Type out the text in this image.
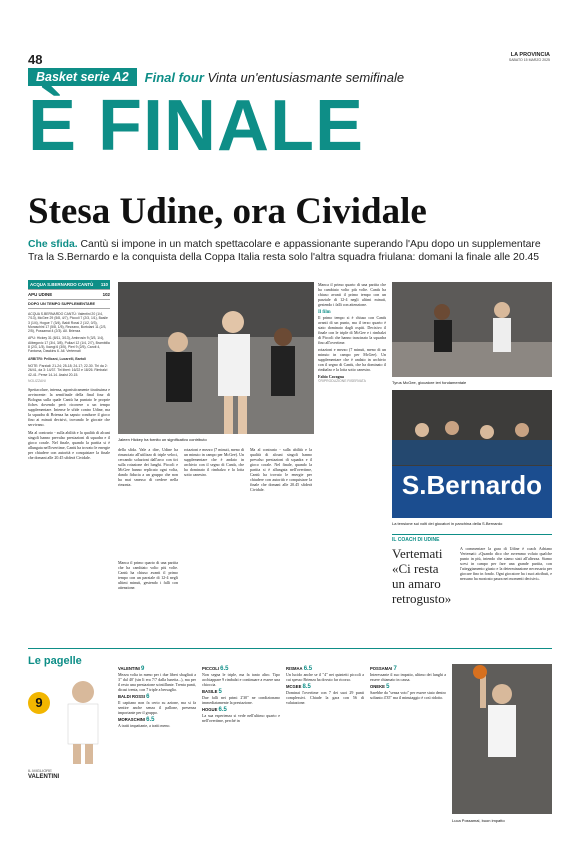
48	LA PROVINCIA
SABATO 15 MARZO 2025
Basket serie A2	Final four Vinta un'entusiasmante semifinale
È FINALE
Stesa Udine, ora Cividale
Che sfida. Cantù si impone in un match spettacolare e appassionante superando l'Apu dopo un supplementare
Tra la S.Bernardo e la conquista della Coppa Italia resta solo l'altra squadra friulana: domani la finale alle 20.45
ACQUA S.BERNARDO CANTÙ 110
APU UDINE	102
DOPO UN TEMPO SUPPLEMENTARE

ACQUA S.BERNARDO CANTÙ: Valentini 20 (1/4, 7/13), McGee 29 (5/8, 4/7), Piccoli 7 (2/3, 1/1), Basile 3 (1/4), Hogue 7 (3/4), Baldi Rossi 2 (1/2, 0/3), Moraschini 17 (5/8, 1/5), Rezzano, Bortolani 11 (2/3, 2/5), Possamai 4 (2/3). All. Brienza

APU: Hickey 31 (8/11, 3/13), Ambrosin 9 (3/3, 1/4), Alibegovic 17 (3/4, 3/8), Pullazi 12 (1/4, 2/7), Brambilla 8 (2/3, 1/3), Ikangi 6 (3/5), Pieri 9 (2/5), Caroti 4, Fantoma, Dawkins 6. All. Vertemati

ARBITRI: Pellicani, Lucarelli, Bartoli

NOTE: Parziali: 21-24; 25-18; 24-17; 22-30. Tiri da 2: 26/41, da 3: 14/37. Tiri liberi: 16/22 e 18/26. Rimbalzi 42-41. Perse 14-14. Assist 20-15.

NOLIZZANI

Spettacolare, intensa, agonisticamente tiratissima e avvincente: la semifinale della final four di Bologna sulla quale Cantù ha puntato le proprie fiches dovendo però ricorrere a un tempo supplementare. Intense le sfide contro Udine, ma la squadra di Brienza ha saputo condurre il gioco fino ai minuti decisivi, trovando le giocate che servivano.

Ma al contrario - sulla abilità e la qualità di alcuni singoli hanno prevalso prestazioni di squadra e il gioco corale. Nel finale, quando la partita si è allungata nell'overtime, Cantù ha trovato le energie per chiudere con autorità e conquistare la finale che domani alle 20.45 sfiderà Cividale.

Jaleen Hickey ha fornito un significativo contributo
della sfida. Vale a dire, Udine ha rinunciato all'utilizzo di triple veloci, cercando soluzioni dall'arco con tiri sulla rotazione dei lunghi. Piccoli e McGee hanno replicato ogni volta, dando fiducia a un gruppo che non ha mai smesso di credere nella rimonta.

Manca il primo quarto di una partita che ha cambiato volto più volte. Cantù ha chiuso avanti il primo tempo con un parziale di 12-4 negli ultimi minuti, gestendo i falli con attenzione.

rotazioni e mezzo (7 minuti, meno di un minuto in campo per McGee). Un supplementare che è andato in archivio con il segno di Cantù, che ha dominato il rimbalzo e la lotta sotto canestro.
Ma al contrario - sulla abilità e la qualità di alcuni singoli hanno prevalso prestazioni di squadra e il gioco corale. Nel finale, quando la partita si è allungata nell'overtime, Cantù ha trovato le energie per chiudere con autorità e conquistare la finale che domani alle 20.45 sfiderà Cividale.

Manca il primo quarto di una partita che ha cambiato volto più volte. Cantù ha chiuso avanti il primo tempo con un parziale di 12-4 negli ultimi minuti, gestendo i falli con attenzione.

Il film

Il primo tempo si è chiuso con Cantù avanti di un punto, ma il terzo quarto è stato dominato dagli ospiti. Decisivo il finale con le triple di McGee e i rimbalzi di Piccoli che hanno trascinato la squadra fino all'overtime.

rotazioni e mezzo (7 minuti, meno di un minuto in campo per McGee). Un supplementare che è andato in archivio con il segno di Cantù, che ha dominato il rimbalzo e la lotta sotto canestro.

Fabio Cavagna

©RIPRODUZIONE RISERVATA	Tyrus McGee, giocatore ieri fondamentale
S.Bernardo
La tensione sui volti dei giocatori in panchina della S.Bernardo
IL COACH DI UDINE
Vertemati
«Ci resta un amaro retrogusto»

A commentare la gara di Udine è coach Adriano Vertemati: «Quando dico che avremmo voluto qualche punto in più, intendo che siamo stati all'altezza. Siamo scesi in campo per fare una grande partita, con l'atteggiamento giusto e la determinazione necessaria per giocare fino in fondo. Ogni giocatore ha i suoi attributi, e nessuno ha mostrato paura nei momenti decisivi».

Le pagelle
9
IL MIGLIORE
VALENTINI
VALENTINI 9

Mezza volta in meno per i due liberi sbagliati a 3" dal 40' (sin lì era 7/7 dalla lunetta...), ma per il resto una prestazione scintillante. Trenta punti, dicasi trenta, con 7 triple a bersaglio.

BALDI ROSSI 6

Il capitano non fa certo su azione, ma si fa sentire anche senza il pallone, presenza importante per il gruppo.

MORASCHINI 6.5

A tratti impattante, a tratti meno.

PICCOLI 6.5

Non segna le triple, ma fa tanto altro. Tipo acchiappare 9 rimbalzi e continuare a essere una chioccia.

BASILE 5

Due falli nei primi 2'30" ne condizionano immediatamente la prestazione.

HOGUE 6.5

La sua esperienza si vede nell'ultimo quarto e nell'overtime, perché in

RISMAA 6.5

Un lucido anche se il "4" nei quintetti piccoli a cui spesso Brienza ha dovuto far ricorso.

MCGEE 8.5

Dominai l'overtime con 7 dei suoi 29 punti complessivi. Chiude la gara con 56 di valutazione.

POSSAMAI 7

Interessante il suo impatto, ultimo dei lunghi a essere chiamato in causa.

ONEKE 5

Sarebbe da "senza voto" per essere stato dentro soltanto 4'35" ma il minutaggio è così ridotto.

Luca Possamai, buon impatto
